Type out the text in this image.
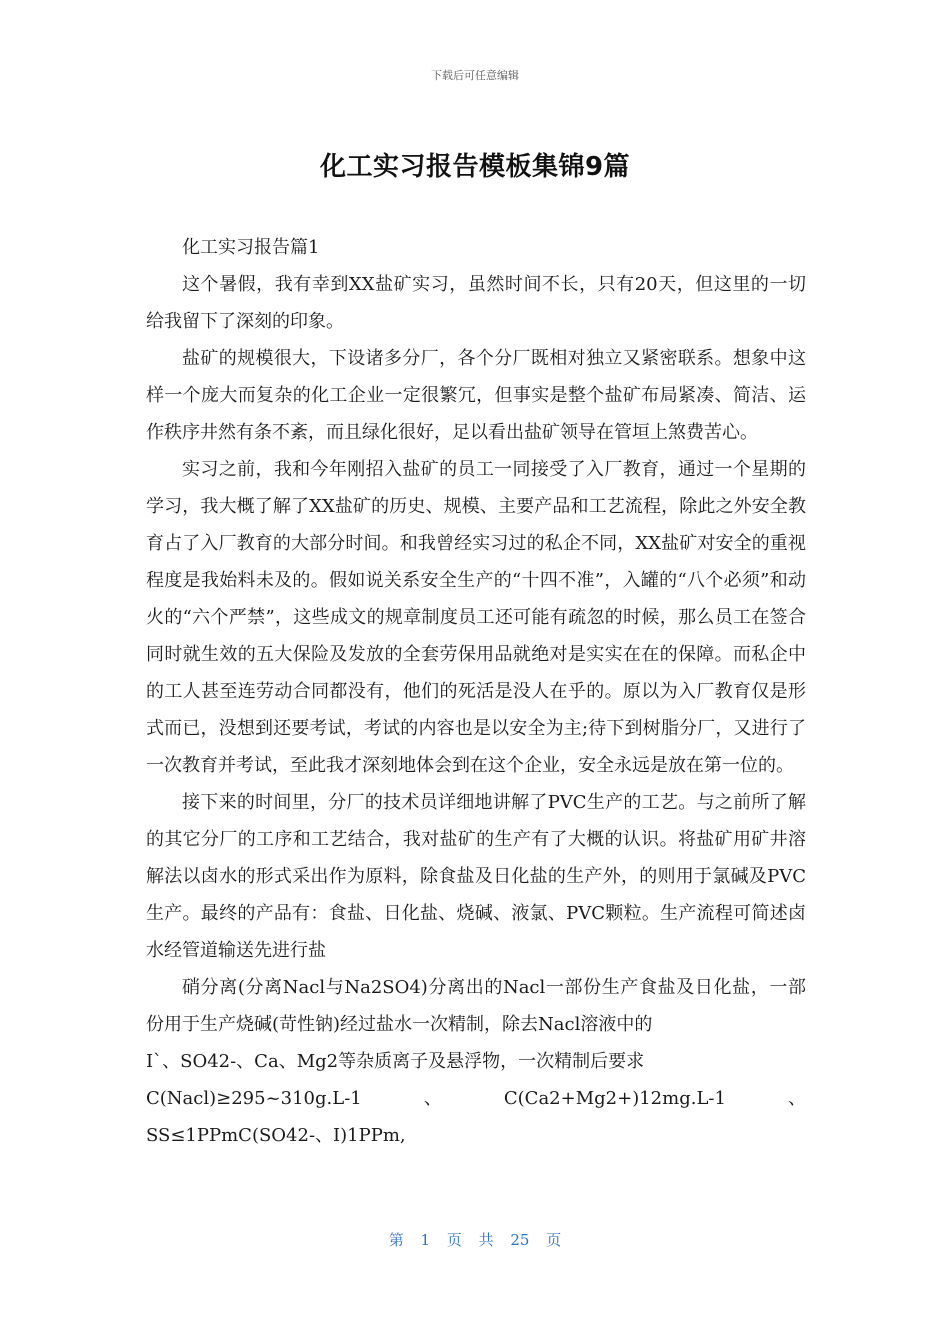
下载后可任意编辑
化工实习报告模板集锦9篇

化工实习报告篇1

这个暑假，我有幸到XX盐矿实习，虽然时间不长，只有20天，但这里的一切给我留下了深刻的印象。

盐矿的规模很大，下设诸多分厂，各个分厂既相对独立又紧密联系。想象中这样一个庞大而复杂的化工企业一定很繁冗，但事实是整个盐矿布局紧凑、简洁、运作秩序井然有条不紊，而且绿化很好，足以看出盐矿领导在管垣上煞费苦心。

实习之前，我和今年刚招入盐矿的员工一同接受了入厂教育，通过一个星期的学习，我大概了解了XX盐矿的历史、规模、主要产品和工艺流程，除此之外安全教育占了入厂教育的大部分时间。和我曾经实习过的私企不同，XX盐矿对安全的重视程度是我始料未及的。假如说关系安全生产的“十四不准”，入罐的“八个必须”和动火的“六个严禁”，这些成文的规章制度员工还可能有疏忽的时候，那么员工在签合同时就生效的五大保险及发放的全套劳保用品就绝对是实实在在的保障。而私企中的工人甚至连劳动合同都没有，他们的死活是没人在乎的。原以为入厂教育仅是形式而已，没想到还要考试，考试的内容也是以安全为主;待下到树脂分厂，又进行了一次教育并考试，至此我才深刻地体会到在这个企业，安全永远是放在第一位的。

接下来的时间里，分厂的技术员详细地讲解了PVC生产的工艺。与之前所了解的其它分厂的工序和工艺结合，我对盐矿的生产有了大概的认识。将盐矿用矿井溶解法以卤水的形式采出作为原料，除食盐及日化盐的生产外，的则用于氯碱及PVC生产。最终的产品有：食盐、日化盐、烧碱、液氯、PVC颗粒。生产流程可简述卤水经管道输送先进行盐

硝分离(分离Nacl与Na2SO4)分离出的Nacl一部份生产食盐及日化盐，一部份用于生产烧碱(苛性钠)经过盐水一次精制，除去Nacl溶液中的

I`、SO42-、Ca、Mg2等杂质离子及悬浮物，一次精制后要求

C(Nacl)≥295~310g.L-1、C(Ca2+Mg2+)12mg.L-1、SS≤1PPmC(SO42-、I)1PPm,

第 1 页 共 25 页
